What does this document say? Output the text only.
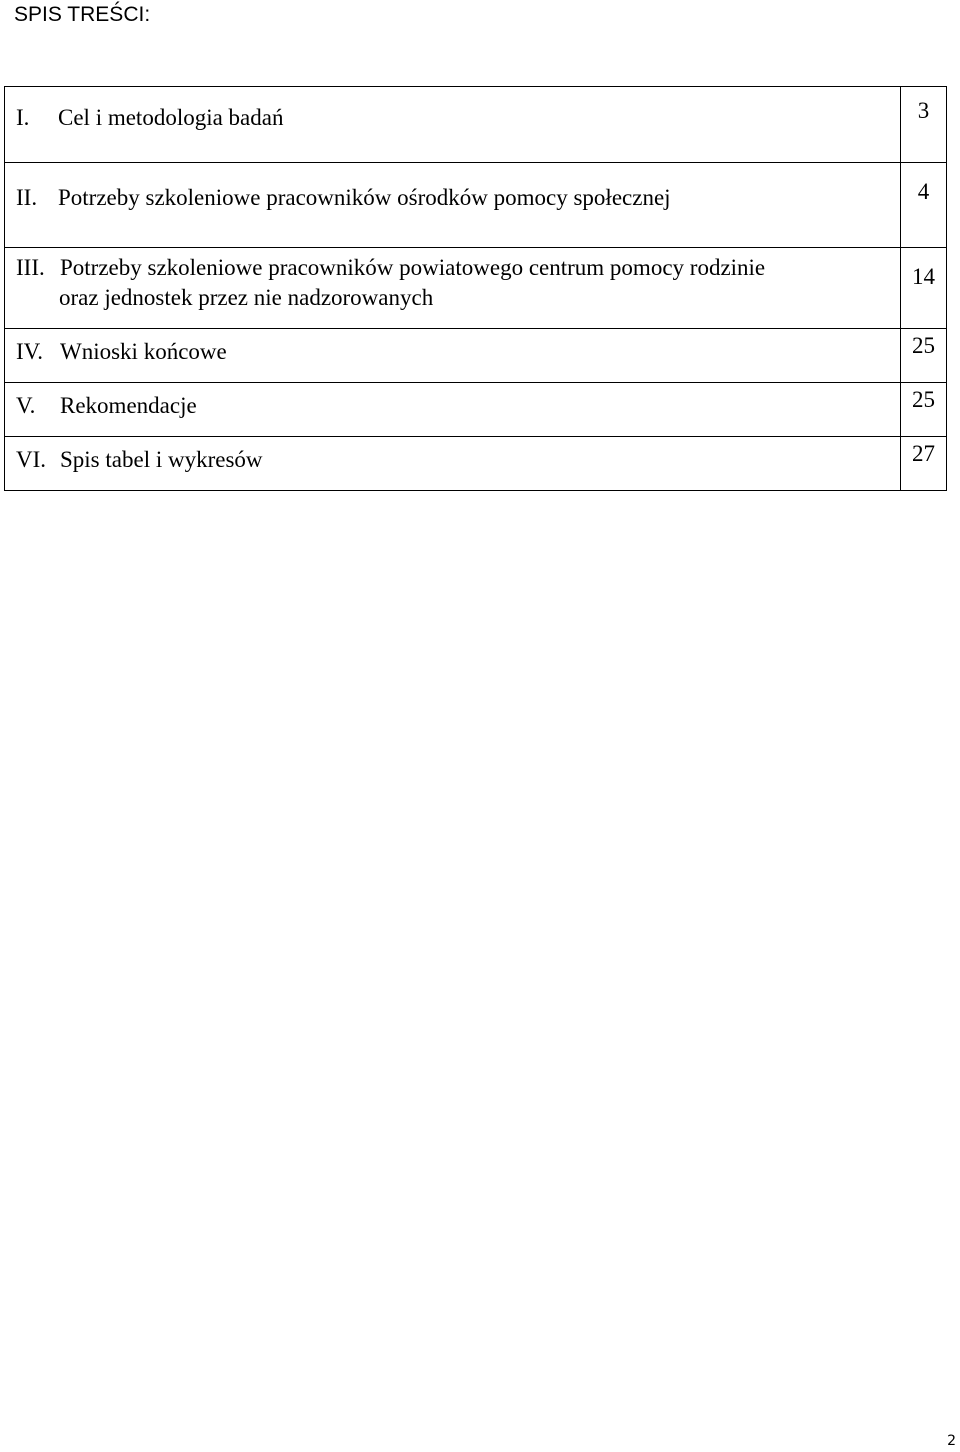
SPIS TREŚCI:
I. Cel i metodologia badań	3
II. Potrzeby szkoleniowe pracowników ośrodków pomocy społecznej	4
III. Potrzeby szkoleniowe pracowników powiatowego centrum pomocy rodzinie
oraz jednostek przez nie nadzorowanych	14
IV. Wnioski końcowe	25
V. Rekomendacje	25
VI. Spis tabel i wykresów	27
2
